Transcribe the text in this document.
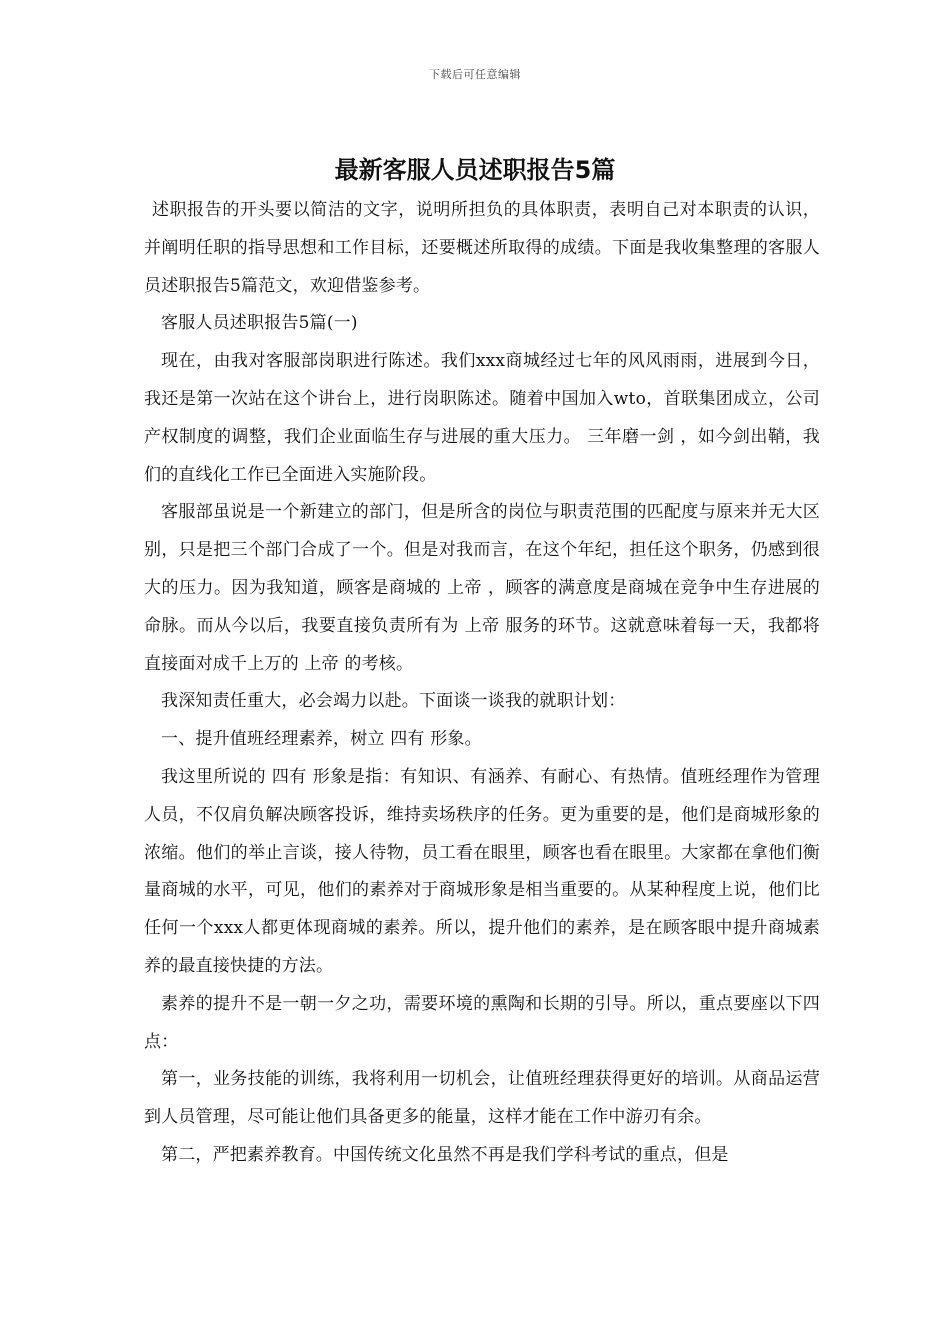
下载后可任意编辑
最新客服人员述职报告5篇

述职报告的开头要以简洁的文字，说明所担负的具体职责，表明自己对本职责的认识，并阐明任职的指导思想和工作目标，还要概述所取得的成绩。下面是我收集整理的客服人员述职报告5篇范文，欢迎借鉴参考。

客服人员述职报告5篇(一)

现在，由我对客服部岗职进行陈述。我们xxx商城经过七年的风风雨雨，进展到今日，我还是第一次站在这个讲台上，进行岗职陈述。随着中国加入wto，首联集团成立，公司产权制度的调整，我们企业面临生存与进展的重大压力。 三年磨一剑 ，如今剑出鞘，我们的直线化工作已全面进入实施阶段。

客服部虽说是一个新建立的部门，但是所含的岗位与职责范围的匹配度与原来并无大区别，只是把三个部门合成了一个。但是对我而言，在这个年纪，担任这个职务，仍感到很大的压力。因为我知道，顾客是商城的 上帝 ，顾客的满意度是商城在竞争中生存进展的命脉。而从今以后，我要直接负责所有为 上帝 服务的环节。这就意味着每一天，我都将直接面对成千上万的 上帝 的考核。

我深知责任重大，必会竭力以赴。下面谈一谈我的就职计划：

一、提升值班经理素养，树立 四有 形象。

我这里所说的 四有 形象是指：有知识、有涵养、有耐心、有热情。值班经理作为管理人员，不仅肩负解决顾客投诉，维持卖场秩序的任务。更为重要的是，他们是商城形象的浓缩。他们的举止言谈，接人待物，员工看在眼里，顾客也看在眼里。大家都在拿他们衡量商城的水平，可见，他们的素养对于商城形象是相当重要的。从某种程度上说，他们比任何一个xxx人都更体现商城的素养。所以，提升他们的素养，是在顾客眼中提升商城素养的最直接快捷的方法。

素养的提升不是一朝一夕之功，需要环境的熏陶和长期的引导。所以，重点要座以下四点：

第一，业务技能的训练，我将利用一切机会，让值班经理获得更好的培训。从商品运营到人员管理，尽可能让他们具备更多的能量，这样才能在工作中游刃有余。

第二，严把素养教育。中国传统文化虽然不再是我们学科考试的重点，但是
